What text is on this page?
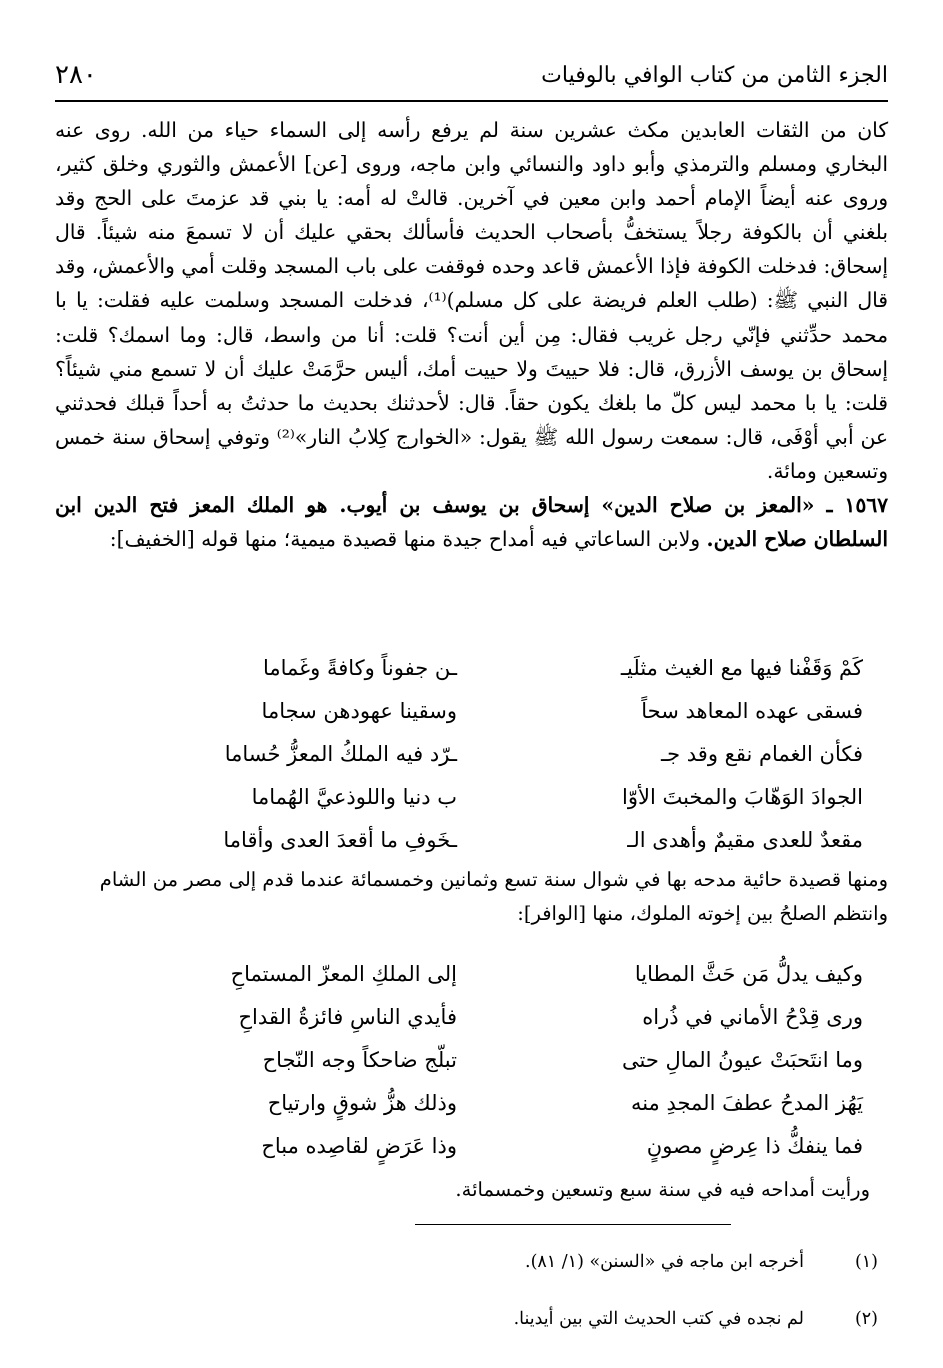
الجزء الثامن من كتاب الوافي بالوفيات
٢٨٠

كان من الثقات العابدين مكث عشرين سنة لم يرفع رأسه إلى السماء حياء من الله. روى عنه البخاري ومسلم والترمذي وأبو داود والنسائي وابن ماجه، وروى [عن] الأعمش والثوري وخلق كثير، وروى عنه أيضاً الإمام أحمد وابن معين في آخرين. قالتْ له أمه: يا بني قد عزمتَ على الحج وقد بلغني أن بالكوفة رجلاً يستخفُّ بأصحاب الحديث فأسألك بحقي عليك أن لا تسمعَ منه شيئاً. قال إسحاق: فدخلت الكوفة فإذا الأعمش قاعد وحده فوقفت على باب المسجد وقلت أمي والأعمش، وقد قال النبي ﷺ: (طلب العلم فريضة على كل مسلم)⁽¹⁾، فدخلت المسجد وسلمت عليه فقلت: يا با محمد حدِّثني فإنّي رجل غريب فقال: مِن أين أنت؟ قلت: أنا من واسط، قال: وما اسمك؟ قلت: إسحاق بن يوسف الأزرق، قال: فلا حييتَ ولا حييت أمك، أليس حرَّمَتْ عليك أن لا تسمع مني شيئاً؟ قلت: يا با محمد ليس كلّ ما بلغك يكون حقاً. قال: لأحدثنك بحديث ما حدثتُ به أحداً قبلك فحدثني عن أبي أوْفَى، قال: سمعت رسول الله ﷺ يقول: «الخوارج كِلابُ النار»⁽²⁾ وتوفي إسحاق سنة خمس وتسعين ومائة.

١٥٦٧ ـ «المعز بن صلاح الدين» إسحاق بن يوسف بن أيوب. هو الملك المعز فتح الدين ابن السلطان صلاح الدين. ولابن الساعاتي فيه أمداح جيدة منها قصيدة ميمية؛ منها قوله [الخفيف]:

كَمْ وَقَفْنا فيها مع الغيث مثلَيـ
ـن جفوناً وكافةً وغَماما
فسقى عهده المعاهد سحاً
وسقينا عهودهن سجاما
فكأن الغمام نقع وقد جـ
ـرّد فيه الملكُ المعزُّ حُساما
الجوادَ الوَهّابَ والمخبتَ الأوّا
ب دنيا واللوذعيَّ الهُماما
مقعدٌ للعدى مقيمٌ وأهدى الـ
ـخَوفِ ما أقعدَ العدى وأقاما

ومنها قصيدة حائية مدحه بها في شوال سنة تسع وثمانين وخمسمائة عندما قدم إلى مصر من الشام وانتظم الصلحُ بين إخوته الملوك، منها [الوافر]:

وكيف يدلُّ مَن حَثَّ المطايا
إلى الملكِ المعزّ المستماحِ
ورى قِدْحُ الأماني في ذُراه
فأيدي الناسِ فائزةُ القداحِ
وما انتَحبَتْ عيونُ المالِ حتى
تبلّج ضاحكاً وجه النّجاح
يَهُز المدحُ عطفَ المجدِ منه
وذلك هزُّ شوقٍ وارتياح
فما ينفكُّ ذا عِرضٍ مصونٍ
وذا عَرَضٍ لقاصِده مباح

ورأيت أمداحه فيه في سنة سبع وتسعين وخمسمائة.

(١)
أخرجه ابن ماجه في «السنن» (١/ ٨١).
(٢)
لم نجده في كتب الحديث التي بين أيدينا.
